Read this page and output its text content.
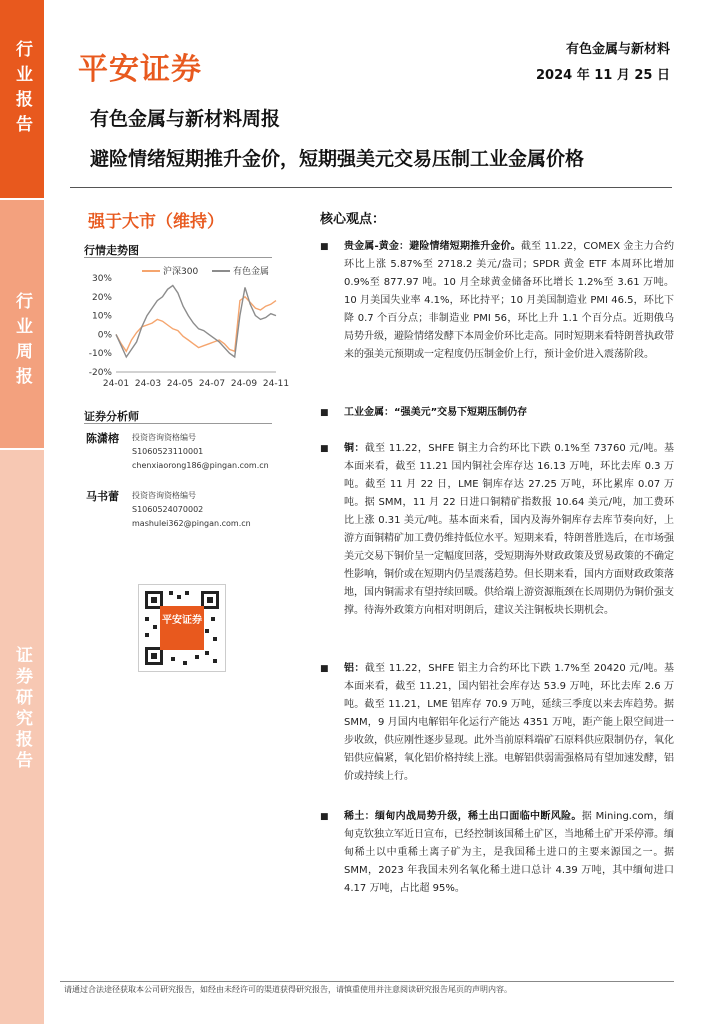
行业报告
行业周报
证券研究报告
平安证券
有色金属与新材料
2024 年 11 月 25 日
有色金属与新材料周报
避险情绪短期推升金价，短期强美元交易压制工业金属价格
强于大市（维持）
行情走势图
30%
20%
10%
0%
-10%
-20%
24-01 24-03 24-05 24-07 24-09 24-11
沪深300	有色金属
证券分析师
陈潇榕 投资咨询资格编号
S1060523110001
chenxiaorong186@pingan.com.cn
马书蕾 投资咨询资格编号
S1060524070002
mashulei362@pingan.com.cn
平安证券
核心观点：
■ 贵金属-黄金：避险情绪短期推升金价。截至 11.22，COMEX 金主力合约环比上涨 5.87%至 2718.2 美元/盎司；SPDR 黄金 ETF 本周环比增加 0.9%至 877.97 吨。10 月全球黄金储备环比增长 1.2%至 3.61 万吨。10 月美国失业率 4.1%，环比持平；10 月美国制造业 PMI 46.5，环比下降 0.7 个百分点；非制造业 PMI 56，环比上升 1.1 个百分点。近期俄乌局势升级，避险情绪发酵下本周金价环比走高。同时短期来看特朗普执政带来的强美元预期或一定程度仍压制金价上行，预计金价进入震荡阶段。
■ 工业金属：“强美元”交易下短期压制仍存
■ 铜：截至 11.22，SHFE 铜主力合约环比下跌 0.1%至 73760 元/吨。基本面来看，截至 11.21 国内铜社会库存达 16.13 万吨，环比去库 0.3 万吨。截至 11 月 22 日，LME 铜库存达 27.25 万吨，环比累库 0.07 万吨。据 SMM，11 月 22 日进口铜精矿指数报 10.64 美元/吨，加工费环比上涨 0.31 美元/吨。基本面来看，国内及海外铜库存去库节奏向好，上游方面铜精矿加工费仍维持低位水平。短期来看，特朗普胜选后，在市场强美元交易下铜价呈一定幅度回落，受短期海外财政政策及贸易政策的不确定性影响，铜价或在短期内仍呈震荡趋势。但长期来看，国内方面财政政策落地，国内铜需求有望持续回暖。供给端上游资源瓶颈在长周期仍为铜价强支撑。待海外政策方向相对明朗后，建议关注铜板块长期机会。
■ 铝：截至 11.22，SHFE 铝主力合约环比下跌 1.7%至 20420 元/吨。基本面来看，截至 11.21，国内铝社会库存达 53.9 万吨，环比去库 2.6 万吨。截至 11.21，LME 铝库存 70.9 万吨，延续三季度以来去库趋势。据 SMM，9 月国内电解铝年化运行产能达 4351 万吨，距产能上限空间进一步收敛，供应刚性逐步显现。此外当前原料端矿石原料供应限制仍存，氧化铝供应偏紧，氧化铝价格持续上涨。电解铝供弱需强格局有望加速发酵，铝价或持续上行。
■ 稀土：缅甸内战局势升级，稀土出口面临中断风险。据 Mining.com，缅甸克钦独立军近日宣布，已经控制该国稀土矿区，当地稀土矿开采停滞。缅甸稀土以中重稀土离子矿为主，是我国稀土进口的主要来源国之一。据 SMM，2023 年我国未列名氧化稀土进口总计 4.39 万吨，其中缅甸进口 4.17 万吨，占比超 95%。
请通过合法途径获取本公司研究报告，如经由未经许可的渠道获得研究报告，请慎重使用并注意阅读研究报告尾页的声明内容。
